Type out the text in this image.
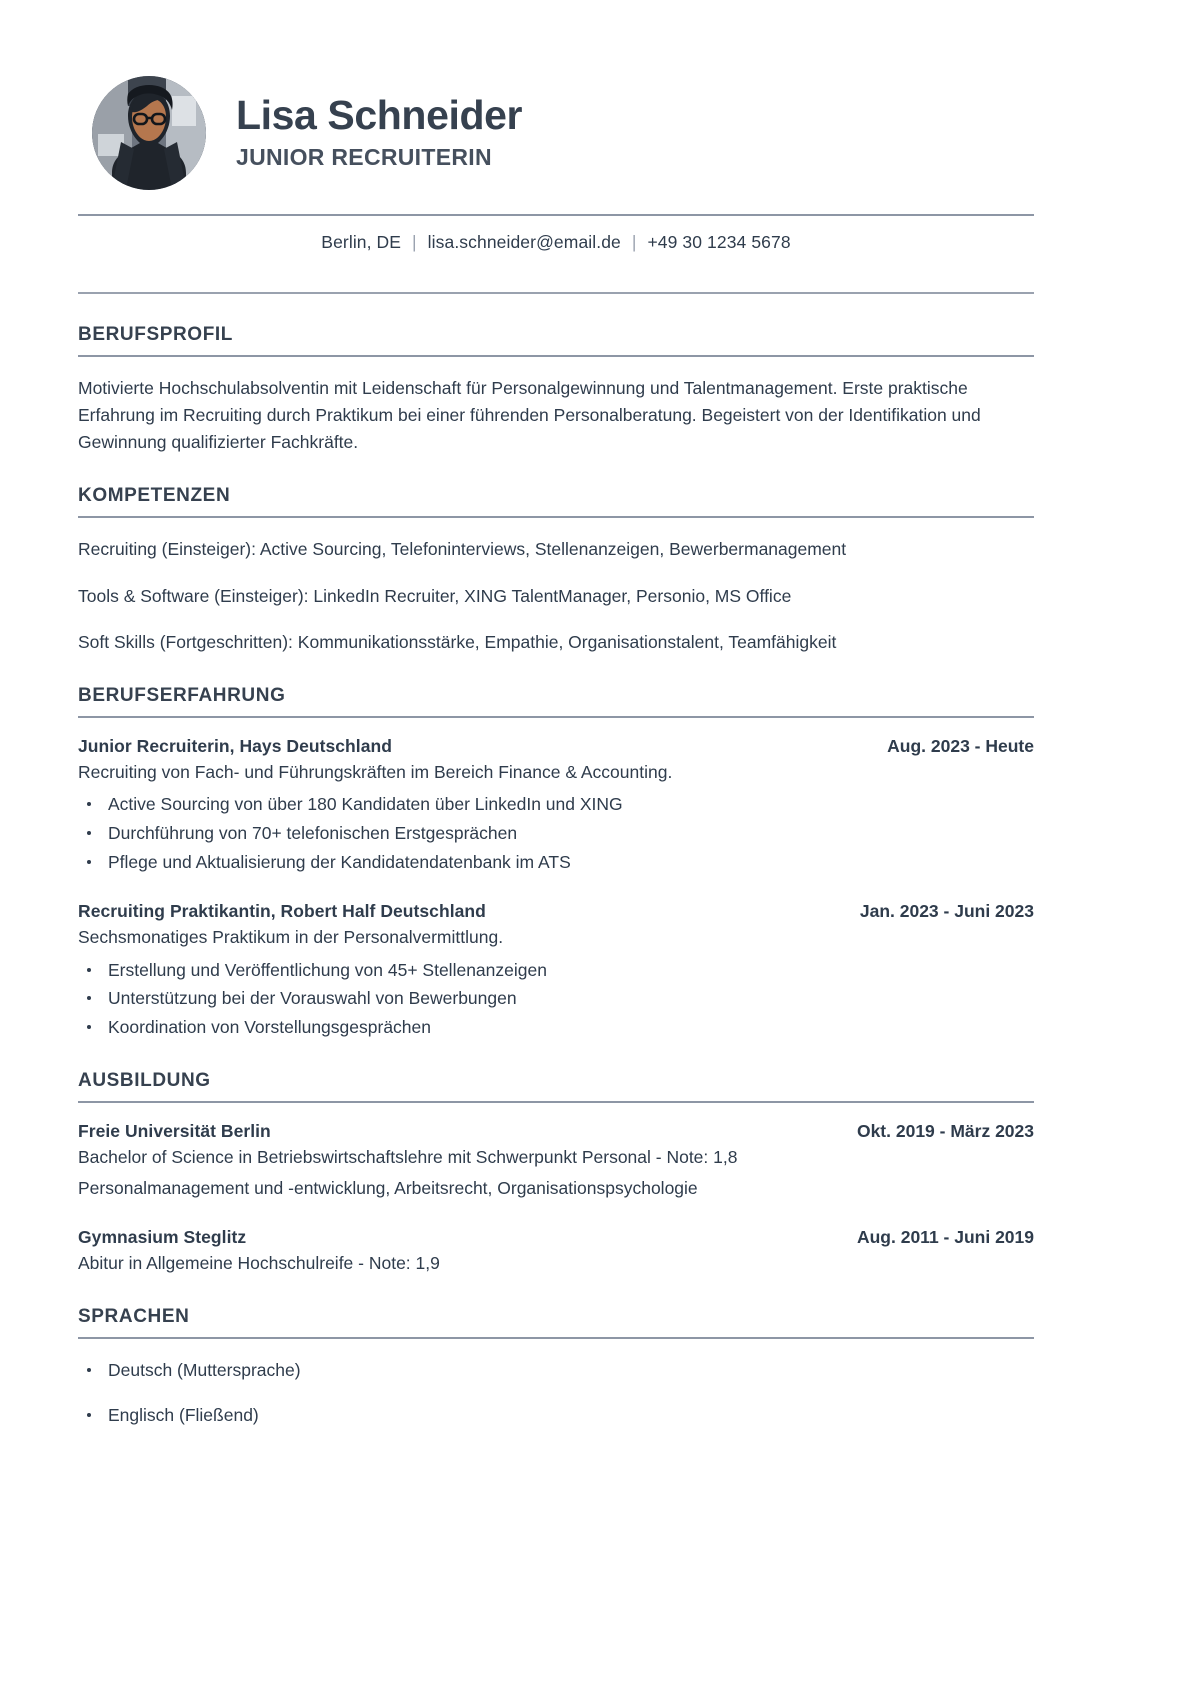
Lisa Schneider
JUNIOR RECRUITERIN
Berlin, DE | lisa.schneider@email.de | +49 30 1234 5678
BERUFSPROFIL

Motivierte Hochschulabsolventin mit Leidenschaft für Personalgewinnung und Talentmanagement. Erste praktische Erfahrung im Recruiting durch Praktikum bei einer führenden Personalberatung. Begeistert von der Identifikation und Gewinnung qualifizierter Fachkräfte.

KOMPETENZEN
Recruiting (Einsteiger): Active Sourcing, Telefoninterviews, Stellenanzeigen, Bewerbermanagement
Tools & Software (Einsteiger): LinkedIn Recruiter, XING TalentManager, Personio, MS Office
Soft Skills (Fortgeschritten): Kommunikationsstärke, Empathie, Organisationstalent, Teamfähigkeit
BERUFSERFAHRUNG
Junior Recruiterin, Hays Deutschland	Aug. 2023 - Heute
Recruiting von Fach- und Führungskräften im Bereich Finance & Accounting.
Active Sourcing von über 180 Kandidaten über LinkedIn und XING
Durchführung von 70+ telefonischen Erstgesprächen
Pflege und Aktualisierung der Kandidatendatenbank im ATS
Recruiting Praktikantin, Robert Half Deutschland	Jan. 2023 - Juni 2023
Sechsmonatiges Praktikum in der Personalvermittlung.
Erstellung und Veröffentlichung von 45+ Stellenanzeigen
Unterstützung bei der Vorauswahl von Bewerbungen
Koordination von Vorstellungsgesprächen
AUSBILDUNG
Freie Universität Berlin	Okt. 2019 - März 2023
Bachelor of Science in Betriebswirtschaftslehre mit Schwerpunkt Personal - Note: 1,8
Personalmanagement und -entwicklung, Arbeitsrecht, Organisationspsychologie
Gymnasium Steglitz	Aug. 2011 - Juni 2019
Abitur in Allgemeine Hochschulreife - Note: 1,9
SPRACHEN
Deutsch (Muttersprache)
Englisch (Fließend)
